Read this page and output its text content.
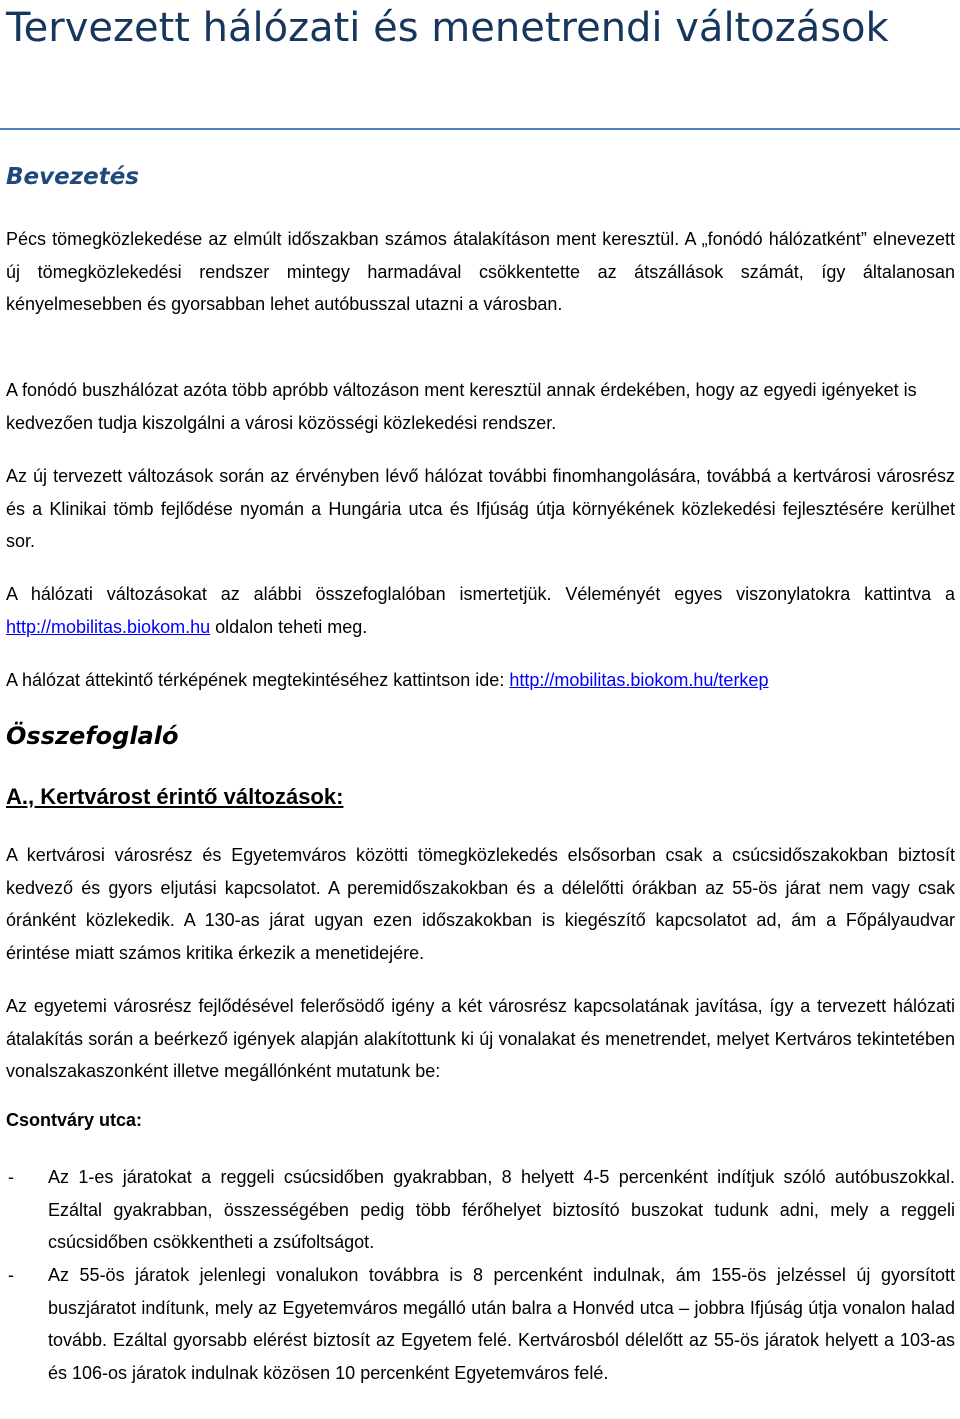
Tervezett hálózati és menetrendi változások
Bevezetés

Pécs tömegközlekedése az elmúlt időszakban számos átalakításon ment keresztül. A „fonódó hálózatként” elnevezett új tömegközlekedési rendszer mintegy harmadával csökkentette az átszállások számát, így általanosan kényelmesebben és gyorsabban lehet autóbusszal utazni a városban.

A fonódó buszhálózat azóta több apróbb változáson ment keresztül annak érdekében, hogy az egyedi igényeket is kedvezően tudja kiszolgálni a városi közösségi közlekedési rendszer.

Az új tervezett változások során az érvényben lévő hálózat további finomhangolására, továbbá a kertvárosi városrész és a Klinikai tömb fejlődése nyomán a Hungária utca és Ifjúság útja környékének közlekedési fejlesztésére kerülhet sor.

A hálózati változásokat az alábbi összefoglalóban ismertetjük. Véleményét egyes viszonylatokra kattintva a http://mobilitas.biokom.hu oldalon teheti meg.

A hálózat áttekintő térképének megtekintéséhez kattintson ide: http://mobilitas.biokom.hu/terkep

Összefoglaló
A., Kertvárost érintő változások:

A kertvárosi városrész és Egyetemváros közötti tömegközlekedés elsősorban csak a csúcsidőszakokban biztosít kedvező és gyors eljutási kapcsolatot. A peremidőszakokban és a délelőtti órákban az 55-ös járat nem vagy csak óránként közlekedik. A 130-as járat ugyan ezen időszakokban is kiegészítő kapcsolatot ad, ám a Főpályaudvar érintése miatt számos kritika érkezik a menetidejére.

Az egyetemi városrész fejlődésével felerősödő igény a két városrész kapcsolatának javítása, így a tervezett hálózati átalakítás során a beérkező igények alapján alakítottunk ki új vonalakat és menetrendet, melyet Kertváros tekintetében vonalszakaszonként illetve megállónként mutatunk be:

Csontváry utca:
- Az 1-es járatokat a reggeli csúcsidőben gyakrabban, 8 helyett 4-5 percenként indítjuk szóló autóbuszokkal. Ezáltal gyakrabban, összességében pedig több férőhelyet biztosító buszokat tudunk adni, mely a reggeli csúcsidőben csökkentheti a zsúfoltságot.

- Az 55-ös járatok jelenlegi vonalukon továbbra is 8 percenként indulnak, ám 155-ös jelzéssel új gyorsított buszjáratot indítunk, mely az Egyetemváros megálló után balra a Honvéd utca – jobbra Ifjúság útja vonalon halad tovább. Ezáltal gyorsabb elérést biztosít az Egyetem felé. Kertvárosból délelőtt az 55-ös járatok helyett a 103-as és 106-os járatok indulnak közösen 10 percenként Egyetemváros felé.
